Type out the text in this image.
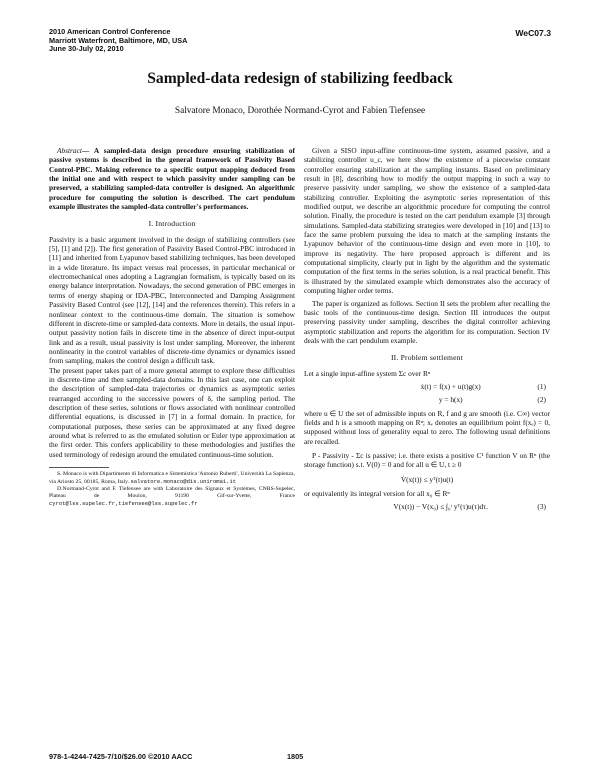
2010 American Control Conference
Marriott Waterfront, Baltimore, MD, USA
June 30-July 02, 2010
WeC07.3
Sampled-data redesign of stabilizing feedback
Salvatore Monaco, Dorothée Normand-Cyrot and Fabien Tiefensee

Abstract— A sampled-data design procedure ensuring stabilization of passive systems is described in the general framework of Passivity Based Control-PBC. Making reference to a specific output mapping deduced from the initial one and with respect to which passivity under sampling can be preserved, a stabilizing sampled-data controller is designed. An algorithmic procedure for computing the solution is described. The cart pendulum example illustrates the sampled-data controller's performances.

I. Introduction

Passivity is a basic argument involved in the design of stabilizing controllers (see [5], [1] and [2]). The first generation of Passivity Based Control-PBC introduced in [11] and inherited from Lyapunov based stabilizing techniques, has been developed in a wide literature. Its impact versus real processes, in particular mechanical or electromechanical ones adopting a Lagrangian formalism, is typically based on its energy balance interpretation. Nowadays, the second generation of PBC emerges in terms of energy shaping or IDA-PBC, Interconnected and Damping Assignment Passivity Based Control (see [12], [14] and the references therein). This refers in a nonlinear context to the continuous-time domain. The situation is somehow different in discrete-time or sampled-data contexts. More in details, the usual input-output passivity notion fails in discrete time in the absence of direct input-output link and as a result, usual passivity is lost under sampling. Moreover, the inherent nonlinearity in the control variables of discrete-time dynamics or dynamics issued from sampling, makes the control design a difficult task.

The present paper takes part of a more general attempt to explore these difficulties in discrete-time and then sampled-data domains. In this last case, one can exploit the description of sampled-data trajectories or dynamics as asymptotic series rearranged according to the successive powers of δ, the sampling period. The description of these series, solutions or flows associated with nonlinear controlled differential equations, is discussed in [7] in a formal domain. In practice, for computational purposes, these series can be approximated at any fixed degree around what is referred to as the emulated solution or Euler type approximation at the first order. This confers applicability to these methodologies and justifies the used terminology of redesign around the emulated continuous-time solution.

S. Monaco is with Dipartimento di Informatica e Sistemistica 'Antonio Ruberti', Università La Sapienza, via Ariosto 25, 00185, Roma, Italy. salvatore.monaco@dis.uniroma1.it

D.Normand-Cyrot and F. Tiefensee are with Laboratoire des Signaux et Systèmes, CNRS-Supelec, Plateau de Moulon, 91190 Gif-sur-Yvette, France cyrot@lss.supelec.fr,tiefensee@lss.supelec.fr

Given a SISO input-affine continuous-time system, assumed passive, and a stabilizing controller u_c, we here show the existence of a piecewise constant controller ensuring stabilization at the sampling instants. Based on preliminary result in [8], describing how to modify the output mapping in such a way to preserve passivity under sampling, we show the existence of a sampled-data stabilizing controller. Exploiting the asymptotic series representation of this modified output, we describe an algorithmic procedure for computing the control solution. Finally, the procedure is tested on the cart pendulum example [3] through simulations. Sampled-data stabilizing strategies were developed in [10] and [13] to face the same problem pursuing the idea to match at the sampling instants the Lyapunov behavior of the continuous-time design and even more in [10], to improve its negativity. The here proposed approach is different and its computational simplicity, clearly put in light by the algorithm and the systematic computation of the first terms in the series solution, is a real practical benefit. This is illustrated by the simulated example which demonstrates also the accuracy of computing higher order terms.

The paper is organized as follows. Section II sets the problem after recalling the basic tools of the continuous-time design. Section III introduces the output preserving passivity under sampling, describes the digital controller achieving asymptotic stabilization and reports the algorithm for its computation. Section IV deals with the cart pendulum example.

II. Problem settlement

Let a single input-affine system Σc over Rⁿ

ẋ(t) = f(x) + u(t)g(x)	(1)
y = h(x)	(2)

where u ∈ U the set of admissible inputs on R, f and g are smooth (i.e. C∞) vector fields and h is a smooth mapping on Rⁿ; xₑ denotes an equilibrium point f(xₑ) = 0, supposed without loss of generality equal to zero. The following usual definitions are recalled.

P - Passivity - Σc is passive; i.e. there exists a positive C¹ function V on Rⁿ (the storage function) s.t. V(0) = 0 and for all u ∈ U, t ≥ 0

V̇(x(t)) ≤ yᵀ(t)u(t)

or equivalently its integral version for all x₀ ∈ Rⁿ

V(x(t)) − V(x₀) ≤ ∫₀ᵗ yᵀ(τ)u(τ)dτ.	(3)
978-1-4244-7425-7/10/$26.00 ©2010 AACC	1805
